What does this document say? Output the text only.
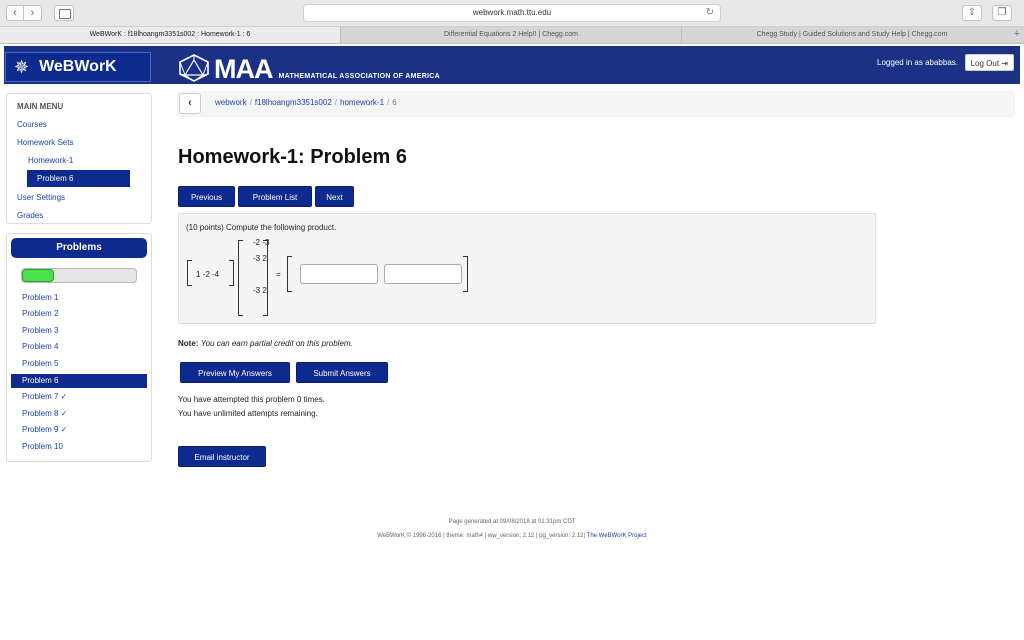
‹	›	webwork.math.ttu.edu	↻	⇪	❐
WeBWorK : f18lhoangm3351s002 : Homework-1 : 6	Differential Equations 2 Help!! | Chegg.com	Chegg Study | Guided Solutions and Study Help | Chegg.com	+
✵ WeBWorK	MAA MATHEMATICAL ASSOCIATION OF AMERICA
Logged in as ababbas.	Log Out ⇥
MAIN MENU
Courses
Homework Sets
Homework-1
Problem 6
User Settings
Grades
Problems
Problem 1
Problem 2
Problem 3
Problem 4
Problem 5
Problem 6
Problem 7 ✓
Problem 8 ✓
Problem 9 ✓
Problem 10
‹	webwork / f18lhoangm3351s002 / homework-1 / 6
Homework-1: Problem 6
Previous	Problem List	Next
(10 points) Compute the following product.
1 -2 -4
-2 -3
-3 2
-3 2
=
Note: You can earn partial credit on this problem.
Preview My Answers	Submit Answers
You have attempted this problem 0 times.
You have unlimited attempts remaining.
Email instructor
Page generated at 09/08/2018 at 01:31pm CDT
WeBWorK © 1996-2016 | theme: math4 | ww_version: 2.12 | pg_version: 2.12| The WeBWorK Project
